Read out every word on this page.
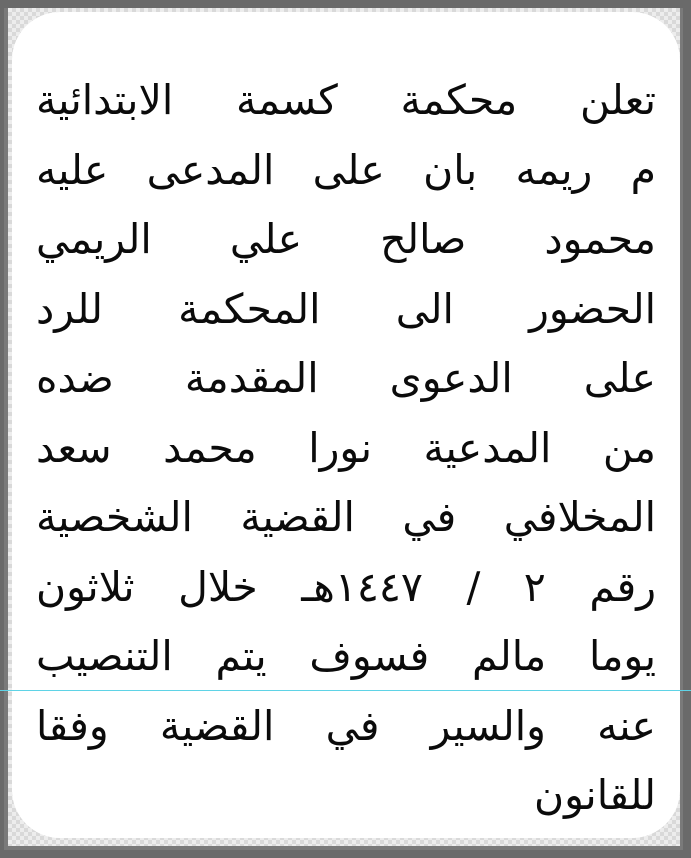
تعلن محكمة كسمة الابتدائية
م ريمه بان على المدعى عليه
محمود صالح علي الريمي
الحضور الى المحكمة للرد
على الدعوى المقدمة ضده
من المدعية نورا محمد سعد
المخلافي في القضية الشخصية
رقم ٢ / ١٤٤٧هـ خلال ثلاثون
يوما مالم فسوف يتم التنصيب
عنه والسير في القضية وفقا
للقانون
